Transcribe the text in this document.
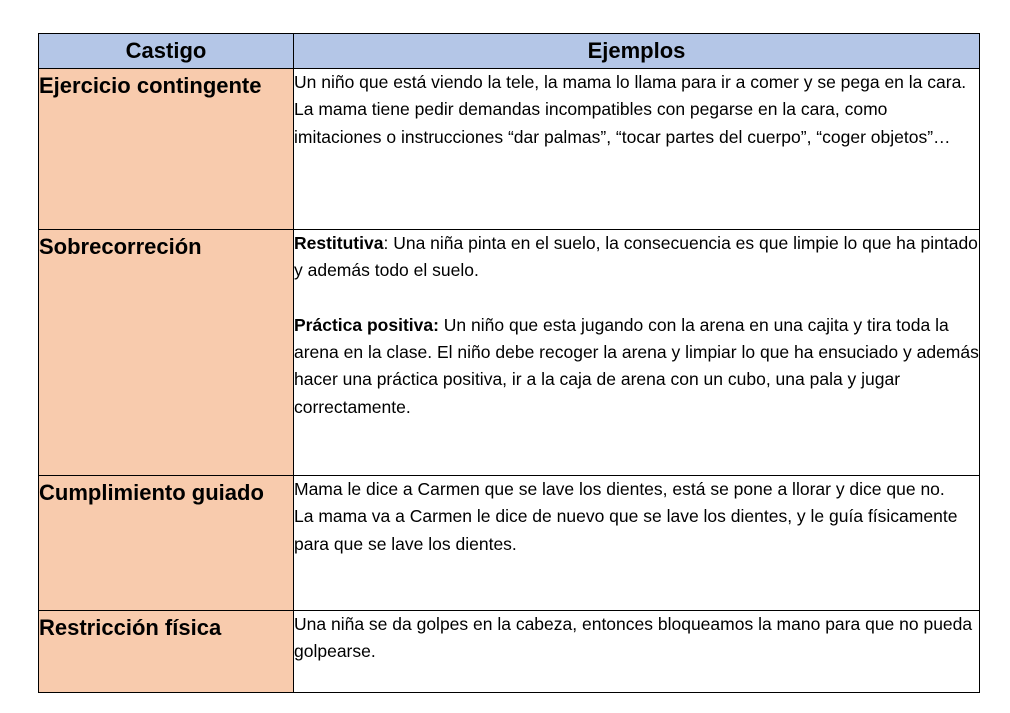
Castigo	Ejemplos
Ejercicio contingente	Un niño que está viendo la tele, la mama lo llama para ir a comer y se pega en la cara.

La mama tiene pedir demandas incompatibles con pegarse en la cara, como imitaciones o instrucciones “dar palmas”, “tocar partes del cuerpo”, “coger objetos”…

Sobrecorreción	Restitutiva: Una niña pinta en el suelo, la consecuencia es que limpie lo que ha pintado y además todo el suelo.

Práctica positiva: Un niño que esta jugando con la arena en una cajita y tira toda la arena en la clase. El niño debe recoger la arena y limpiar lo que ha ensuciado y además hacer una práctica positiva, ir a la caja de arena con un cubo, una pala y jugar correctamente.

Cumplimiento guiado	Mama le dice a Carmen que se lave los dientes, está se pone a llorar y dice que no.

La mama va a Carmen le dice de nuevo que se lave los dientes, y le guía físicamente para que se lave los dientes.

Restricción física	Una niña se da golpes en la cabeza, entonces bloqueamos la mano para que no pueda golpearse.
